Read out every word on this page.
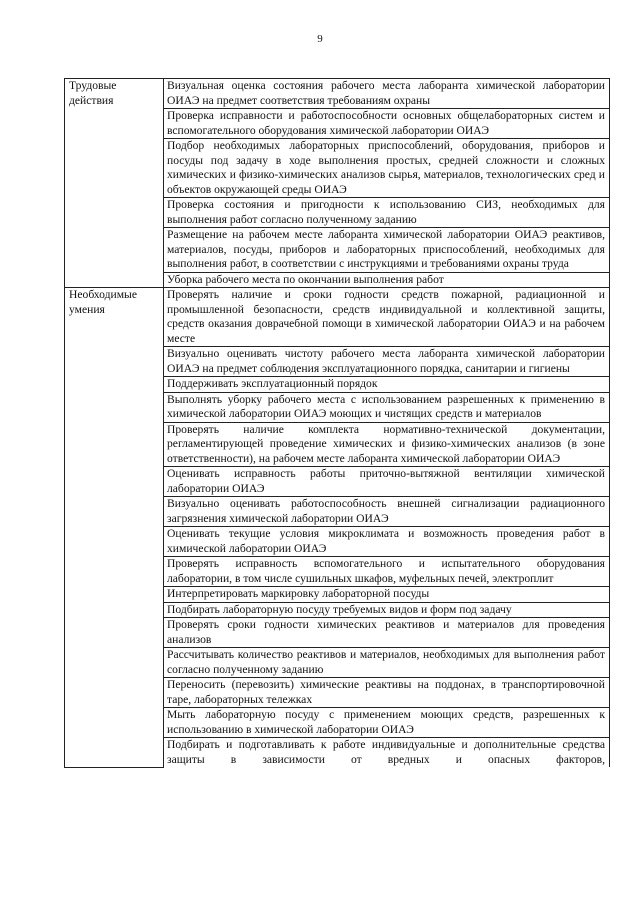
9
Трудовые действия	Визуальная оценка состояния рабочего места лаборанта химической лаборатории ОИАЭ на предмет соответствия требованиям охраны
	Проверка исправности и работоспособности основных общелабораторных систем и вспомогательного оборудования химической лаборатории ОИАЭ
	Подбор необходимых лабораторных приспособлений, оборудования, приборов и посуды под задачу в ходе выполнения простых, средней сложности и сложных химических и физико-химических анализов сырья, материалов, технологических сред и объектов окружающей среды ОИАЭ
	Проверка состояния и пригодности к использованию СИЗ, необходимых для выполнения работ согласно полученному заданию
	Размещение на рабочем месте лаборанта химической лаборатории ОИАЭ реактивов, материалов, посуды, приборов и лабораторных приспособлений, необходимых для выполнения работ, в соответствии с инструкциями и требованиями охраны труда
	Уборка рабочего места по окончании выполнения работ
Необходимые умения	Проверять наличие и сроки годности средств пожарной, радиационной и промышленной безопасности, средств индивидуальной и коллективной защиты, средств оказания доврачебной помощи в химической лаборатории ОИАЭ и на рабочем месте
	Визуально оценивать чистоту рабочего места лаборанта химической лаборатории ОИАЭ на предмет соблюдения эксплуатационного порядка, санитарии и гигиены
	Поддерживать эксплуатационный порядок
	Выполнять уборку рабочего места с использованием разрешенных к применению в химической лаборатории ОИАЭ моющих и чистящих средств и материалов
	Проверять наличие комплекта нормативно-технической документации, регламентирующей проведение химических и физико-химических анализов (в зоне ответственности), на рабочем месте лаборанта химической лаборатории ОИАЭ
	Оценивать исправность работы приточно-вытяжной вентиляции химической лаборатории ОИАЭ
	Визуально оценивать работоспособность внешней сигнализации радиационного загрязнения химической лаборатории ОИАЭ
	Оценивать текущие условия микроклимата и возможность проведения работ в химической лаборатории ОИАЭ
	Проверять исправность вспомогательного и испытательного оборудования лаборатории, в том числе сушильных шкафов, муфельных печей, электроплит
	Интерпретировать маркировку лабораторной посуды
	Подбирать лабораторную посуду требуемых видов и форм под задачу
	Проверять сроки годности химических реактивов и материалов для проведения анализов
	Рассчитывать количество реактивов и материалов, необходимых для выполнения работ согласно полученному заданию
	Переносить (перевозить) химические реактивы на поддонах, в транспортировочной таре, лабораторных тележках
	Мыть лабораторную посуду с применением моющих средств, разрешенных к использованию в химической лаборатории ОИАЭ
	Подбирать и подготавливать к работе индивидуальные и дополнительные средства защиты в зависимости от вредных и опасных факторов,
